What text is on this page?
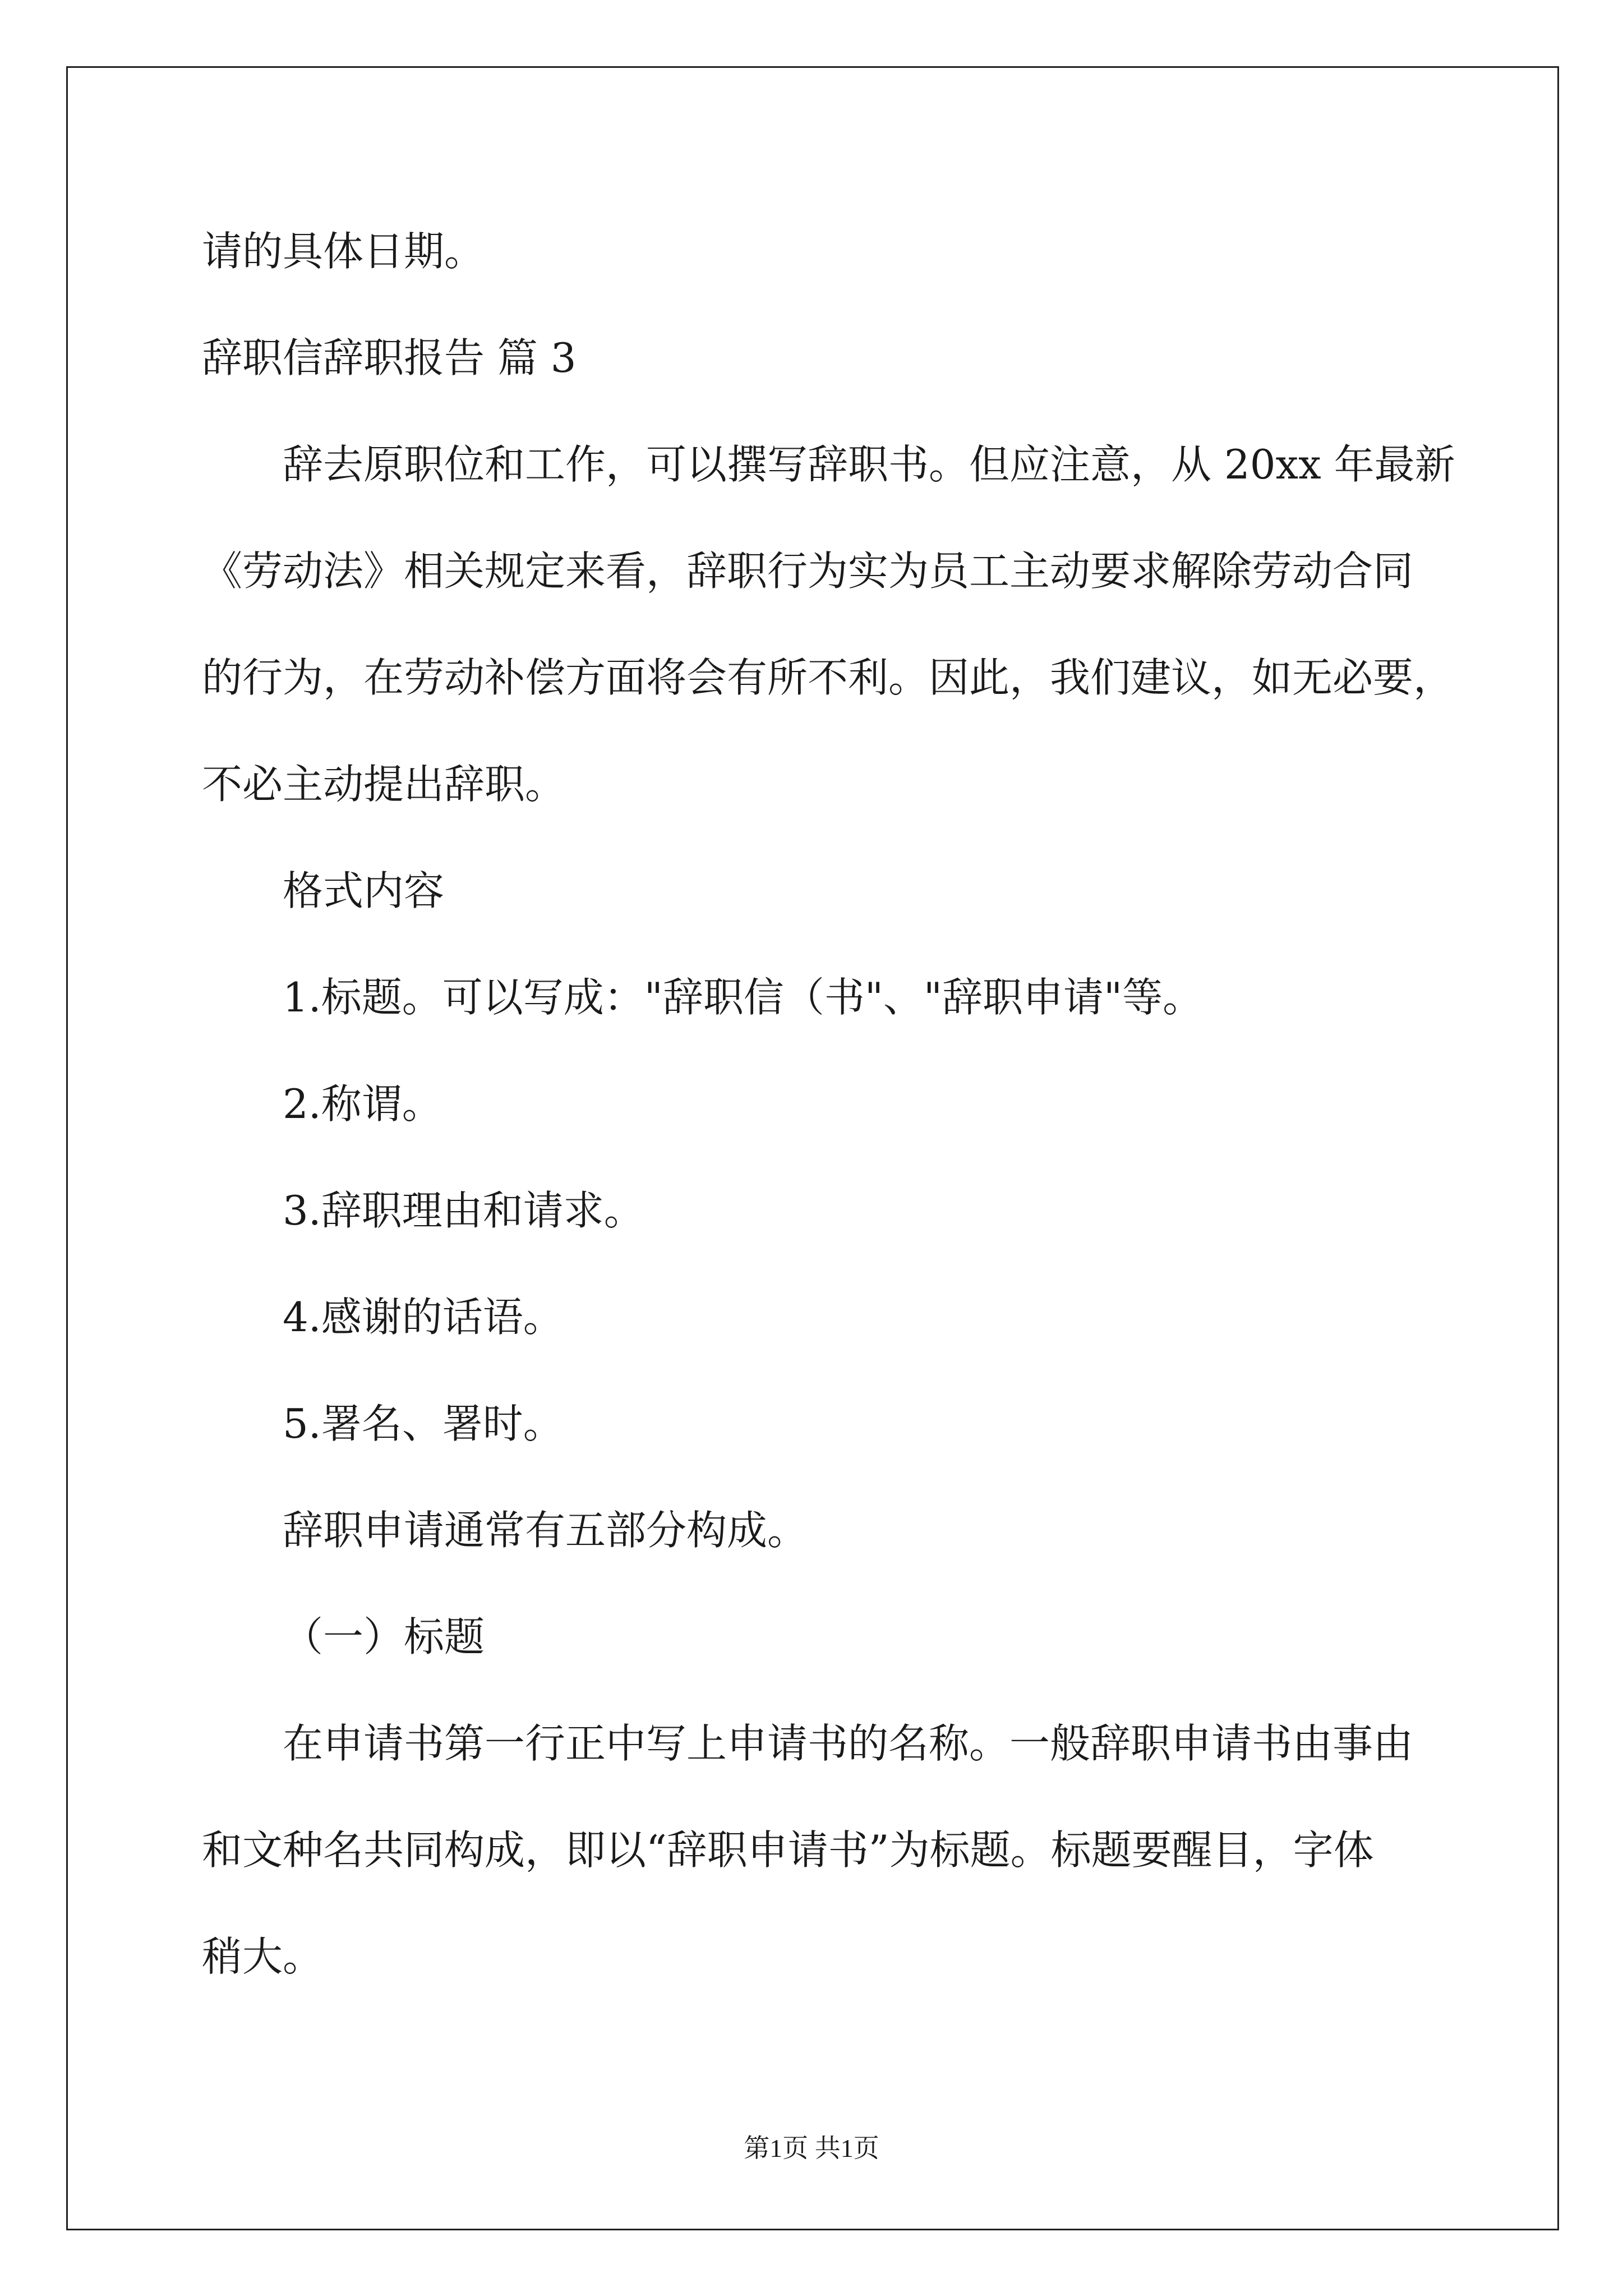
请的具体日期。
辞职信辞职报告 篇 3
辞去原职位和工作，可以撰写辞职书。但应注意，从 20xx 年最新
《劳动法》相关规定来看，辞职行为实为员工主动要求解除劳动合同
的行为，在劳动补偿方面将会有所不利。因此，我们建议，如无必要，
不必主动提出辞职。
格式内容
1.标题。可以写成："辞职信（书"、"辞职申请"等。
2.称谓。
3.辞职理由和请求。
4.感谢的话语。
5.署名、署时。
辞职申请通常有五部分构成。
（一）标题
在申请书第一行正中写上申请书的名称。一般辞职申请书由事由
和文种名共同构成，即以“辞职申请书”为标题。标题要醒目，字体
稍大。
第1页 共1页
